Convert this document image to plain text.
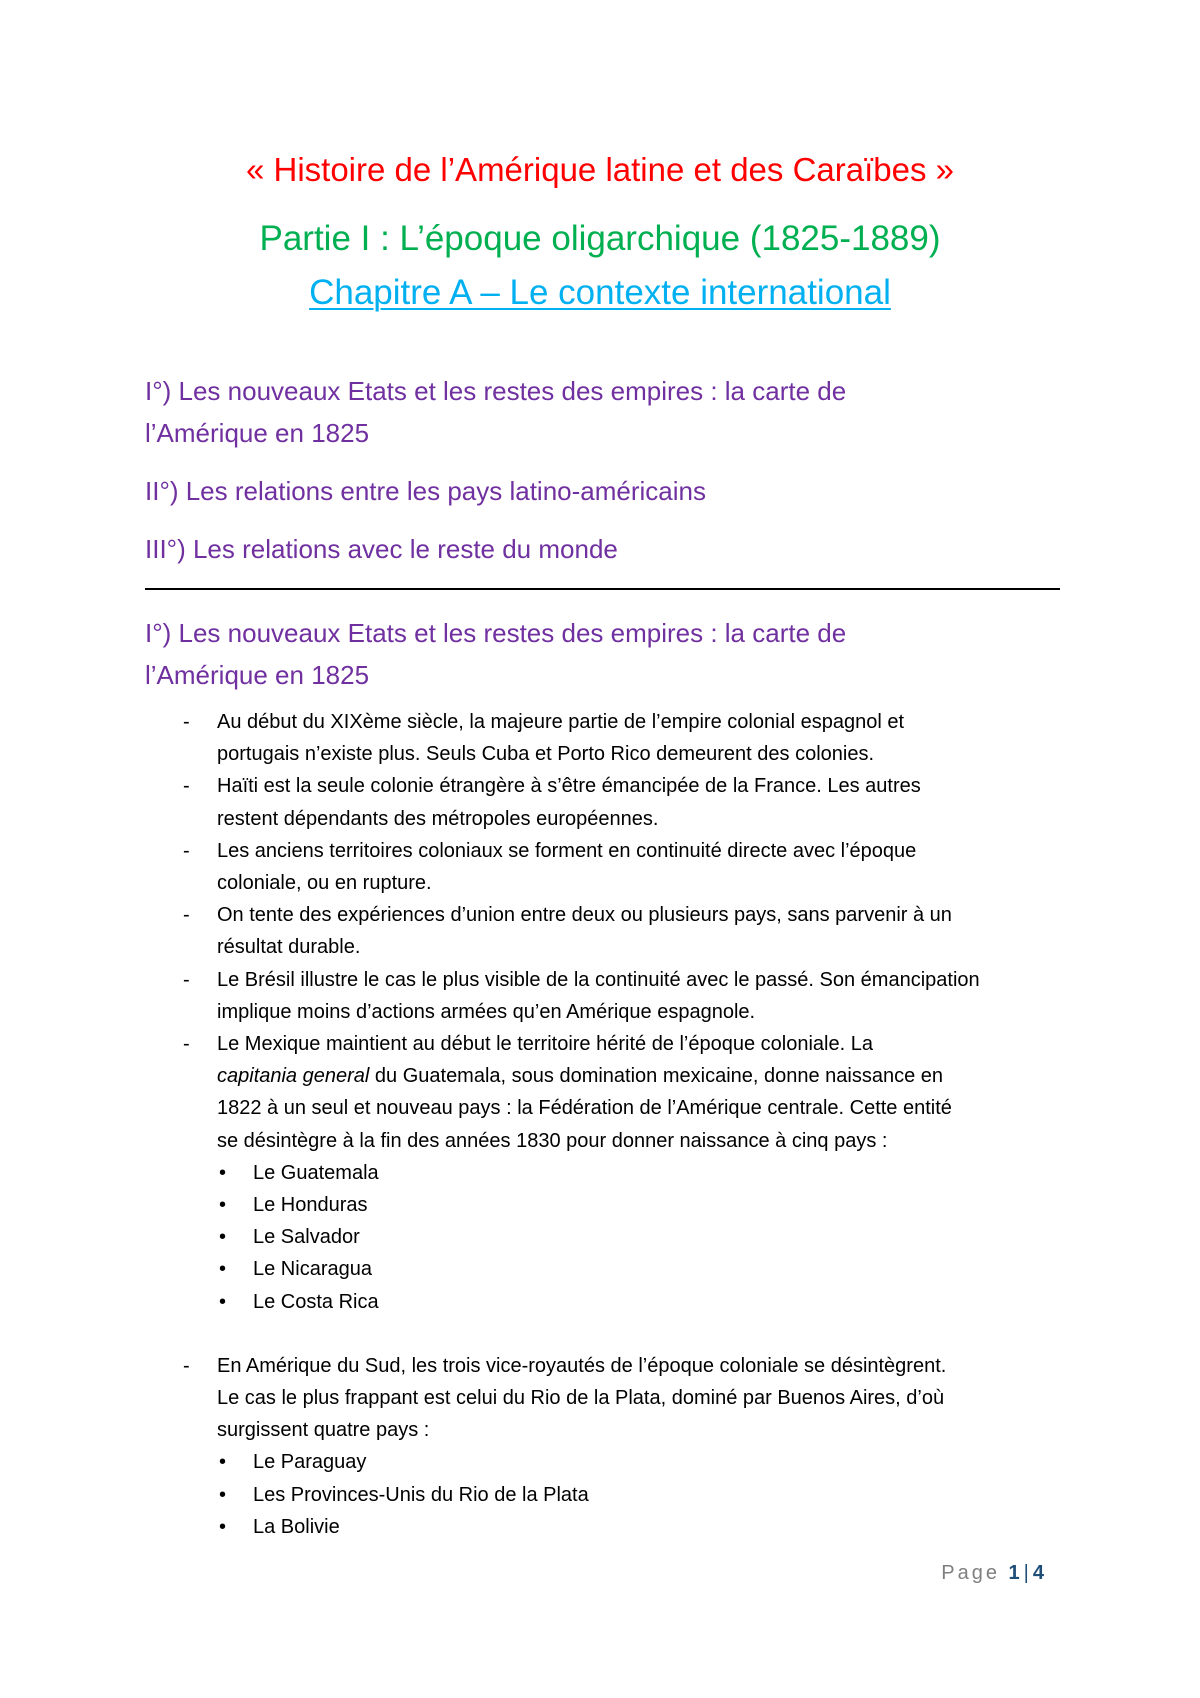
« Histoire de l’Amérique latine et des Caraïbes »
Partie I : L’époque oligarchique (1825-1889)
Chapitre A – Le contexte international
I°) Les nouveaux Etats et les restes des empires : la carte de
l’Amérique en 1825
II°) Les relations entre les pays latino-américains
III°) Les relations avec le reste du monde
I°) Les nouveaux Etats et les restes des empires : la carte de
l’Amérique en 1825
- Au début du XIXème siècle, la majeure partie de l’empire colonial espagnol et
portugais n’existe plus. Seuls Cuba et Porto Rico demeurent des colonies.
- Haïti est la seule colonie étrangère à s’être émancipée de la France. Les autres
restent dépendants des métropoles européennes.
- Les anciens territoires coloniaux se forment en continuité directe avec l’époque
coloniale, ou en rupture.
- On tente des expériences d’union entre deux ou plusieurs pays, sans parvenir à un
résultat durable.
- Le Brésil illustre le cas le plus visible de la continuité avec le passé. Son émancipation
implique moins d’actions armées qu’en Amérique espagnole.
- Le Mexique maintient au début le territoire hérité de l’époque coloniale. La
capitania general du Guatemala, sous domination mexicaine, donne naissance en
1822 à un seul et nouveau pays : la Fédération de l’Amérique centrale. Cette entité
se désintègre à la fin des années 1830 pour donner naissance à cinq pays :
• Le Guatemala
• Le Honduras
• Le Salvador
• Le Nicaragua
• Le Costa Rica
- En Amérique du Sud, les trois vice-royautés de l’époque coloniale se désintègrent.
Le cas le plus frappant est celui du Rio de la Plata, dominé par Buenos Aires, d’où
surgissent quatre pays :
• Le Paraguay
• Les Provinces-Unis du Rio de la Plata
• La Bolivie
Page 1 | 4
